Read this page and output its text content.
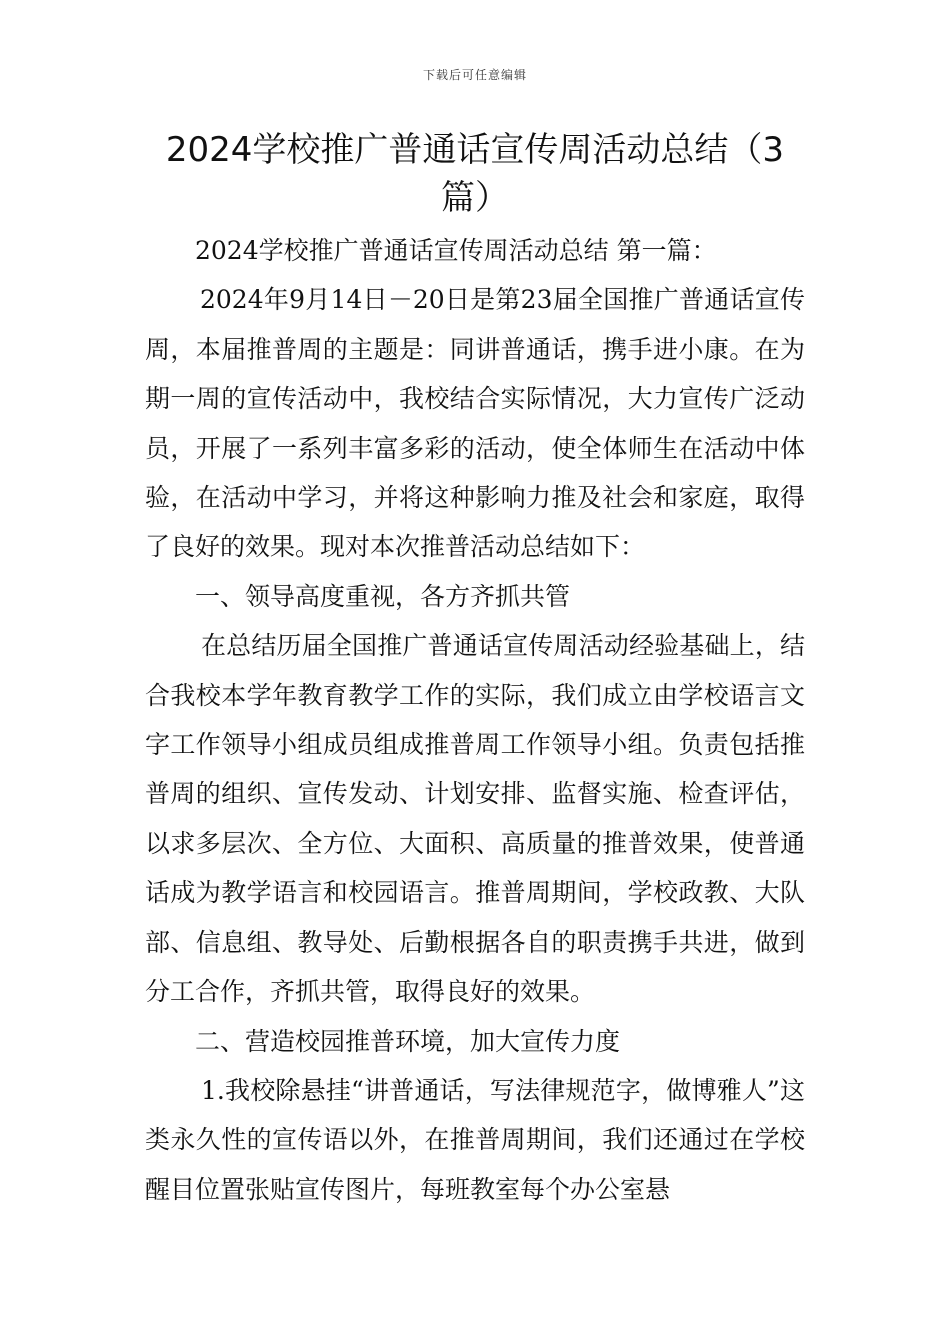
下载后可任意编辑
2024学校推广普通话宣传周活动总结（3篇）

2024学校推广普通话宣传周活动总结 第一篇：

2024年9月14日－20日是第23届全国推广普通话宣传周，本届推普周的主题是：同讲普通话，携手进小康。在为期一周的宣传活动中，我校结合实际情况，大力宣传广泛动员，开展了一系列丰富多彩的活动，使全体师生在活动中体验，在活动中学习，并将这种影响力推及社会和家庭，取得了良好的效果。现对本次推普活动总结如下：

一、领导高度重视，各方齐抓共管

在总结历届全国推广普通话宣传周活动经验基础上，结合我校本学年教育教学工作的实际，我们成立由学校语言文字工作领导小组成员组成推普周工作领导小组。负责包括推普周的组织、宣传发动、计划安排、监督实施、检查评估，以求多层次、全方位、大面积、高质量的推普效果，使普通话成为教学语言和校园语言。推普周期间，学校政教、大队部、信息组、教导处、后勤根据各自的职责携手共进，做到分工合作，齐抓共管，取得良好的效果。

二、营造校园推普环境，加大宣传力度

1.我校除悬挂“讲普通话，写法律规范字，做博雅人”这类永久性的宣传语以外，在推普周期间，我们还通过在学校醒目位置张贴宣传图片，每班教室每个办公室悬
